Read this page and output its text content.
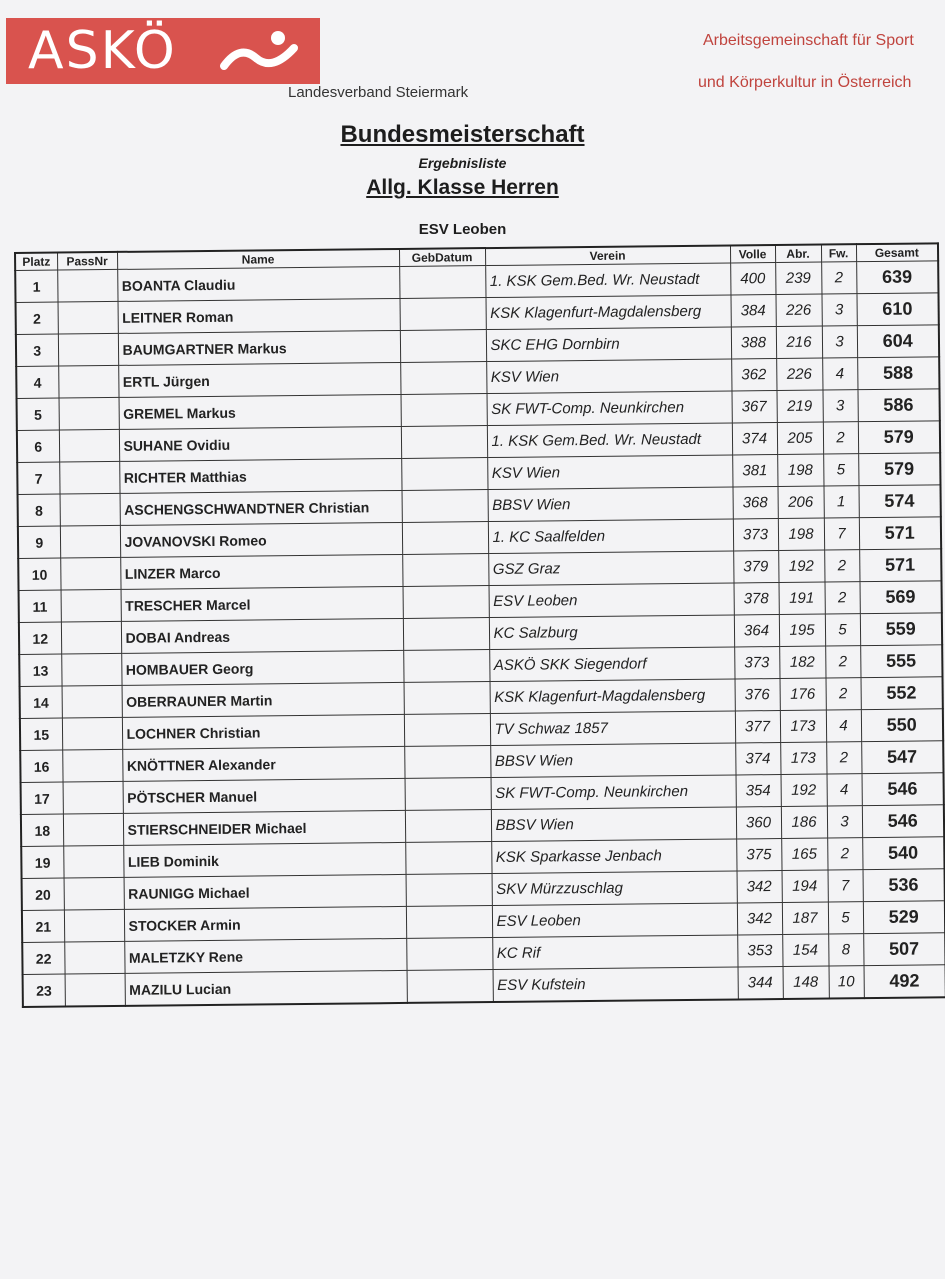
ASKÖ
Landesverband Steiermark
Arbeitsgemeinschaft für Sport
und Körperkultur in Österreich
Bundesmeisterschaft
Ergebnisliste
Allg. Klasse Herren
ESV Leoben
Platz	PassNr	Name	GebDatum	Verein	Volle	Abr.	Fw.	Gesamt
1		BOANTA Claudiu		1. KSK Gem.Bed. Wr. Neustadt	400	239	2	639
2		LEITNER Roman		KSK Klagenfurt-Magdalensberg	384	226	3	610
3		BAUMGARTNER Markus		SKC EHG Dornbirn	388	216	3	604
4		ERTL Jürgen		KSV Wien	362	226	4	588
5		GREMEL Markus		SK FWT-Comp. Neunkirchen	367	219	3	586
6		SUHANE Ovidiu		1. KSK Gem.Bed. Wr. Neustadt	374	205	2	579
7		RICHTER Matthias		KSV Wien	381	198	5	579
8		ASCHENGSCHWANDTNER Christian		BBSV Wien	368	206	1	574
9		JOVANOVSKI Romeo		1. KC Saalfelden	373	198	7	571
10		LINZER Marco		GSZ Graz	379	192	2	571
11		TRESCHER Marcel		ESV Leoben	378	191	2	569
12		DOBAI Andreas		KC Salzburg	364	195	5	559
13		HOMBAUER Georg		ASKÖ SKK Siegendorf	373	182	2	555
14		OBERRAUNER Martin		KSK Klagenfurt-Magdalensberg	376	176	2	552
15		LOCHNER Christian		TV Schwaz 1857	377	173	4	550
16		KNÖTTNER Alexander		BBSV Wien	374	173	2	547
17		PÖTSCHER Manuel		SK FWT-Comp. Neunkirchen	354	192	4	546
18		STIERSCHNEIDER Michael		BBSV Wien	360	186	3	546
19		LIEB Dominik		KSK Sparkasse Jenbach	375	165	2	540
20		RAUNIGG Michael		SKV Mürzzuschlag	342	194	7	536
21		STOCKER Armin		ESV Leoben	342	187	5	529
22		MALETZKY Rene		KC Rif	353	154	8	507
23		MAZILU Lucian		ESV Kufstein	344	148	10	492
